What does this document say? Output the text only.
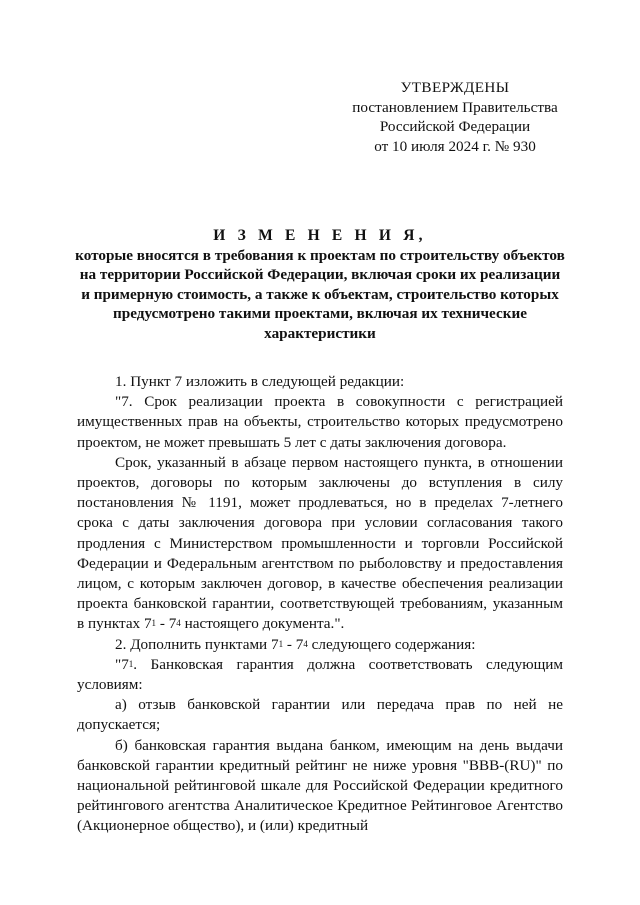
УТВЕРЖДЕНЫ
постановлением Правительства
Российской Федерации
от 10 июля 2024 г. № 930
И З М Е Н Е Н И Я,
которые вносятся в требования к проектам по строительству объектов
на территории Российской Федерации, включая сроки их реализации
и примерную стоимость, а также к объектам, строительство которых
предусмотрено такими проектами, включая их технические
характеристики

1. Пункт 7 изложить в следующей редакции:

"7. Срок реализации проекта в совокупности с регистрацией имущественных прав на объекты, строительство которых предусмотрено проектом, не может превышать 5 лет с даты заключения договора.

Срок, указанный в абзаце первом настоящего пункта, в отношении проектов, договоры по которым заключены до вступления в силу постановления № 1191, может продлеваться, но в пределах 7-летнего срока с даты заключения договора при условии согласования такого продления с Министерством промышленности и торговли Российской Федерации и Федеральным агентством по рыболовству и предоставления лицом, с которым заключен договор, в качестве обеспечения реализации проекта банковской гарантии, соответствующей требованиям, указанным в пунктах $7^1 - 7^4$ настоящего документа.".

2. Дополнить пунктами $7^1 - 7^4$ следующего содержания:

"$7^1$. Банковская гарантия должна соответствовать следующим условиям:

а) отзыв банковской гарантии или передача прав по ней не допускается;

б) банковская гарантия выдана банком, имеющим на день выдачи банковской гарантии кредитный рейтинг не ниже уровня "BBB-(RU)" по национальной рейтинговой шкале для Российской Федерации кредитного рейтингового агентства Аналитическое Кредитное Рейтинговое Агентство (Акционерное общество), и (или) кредитный
